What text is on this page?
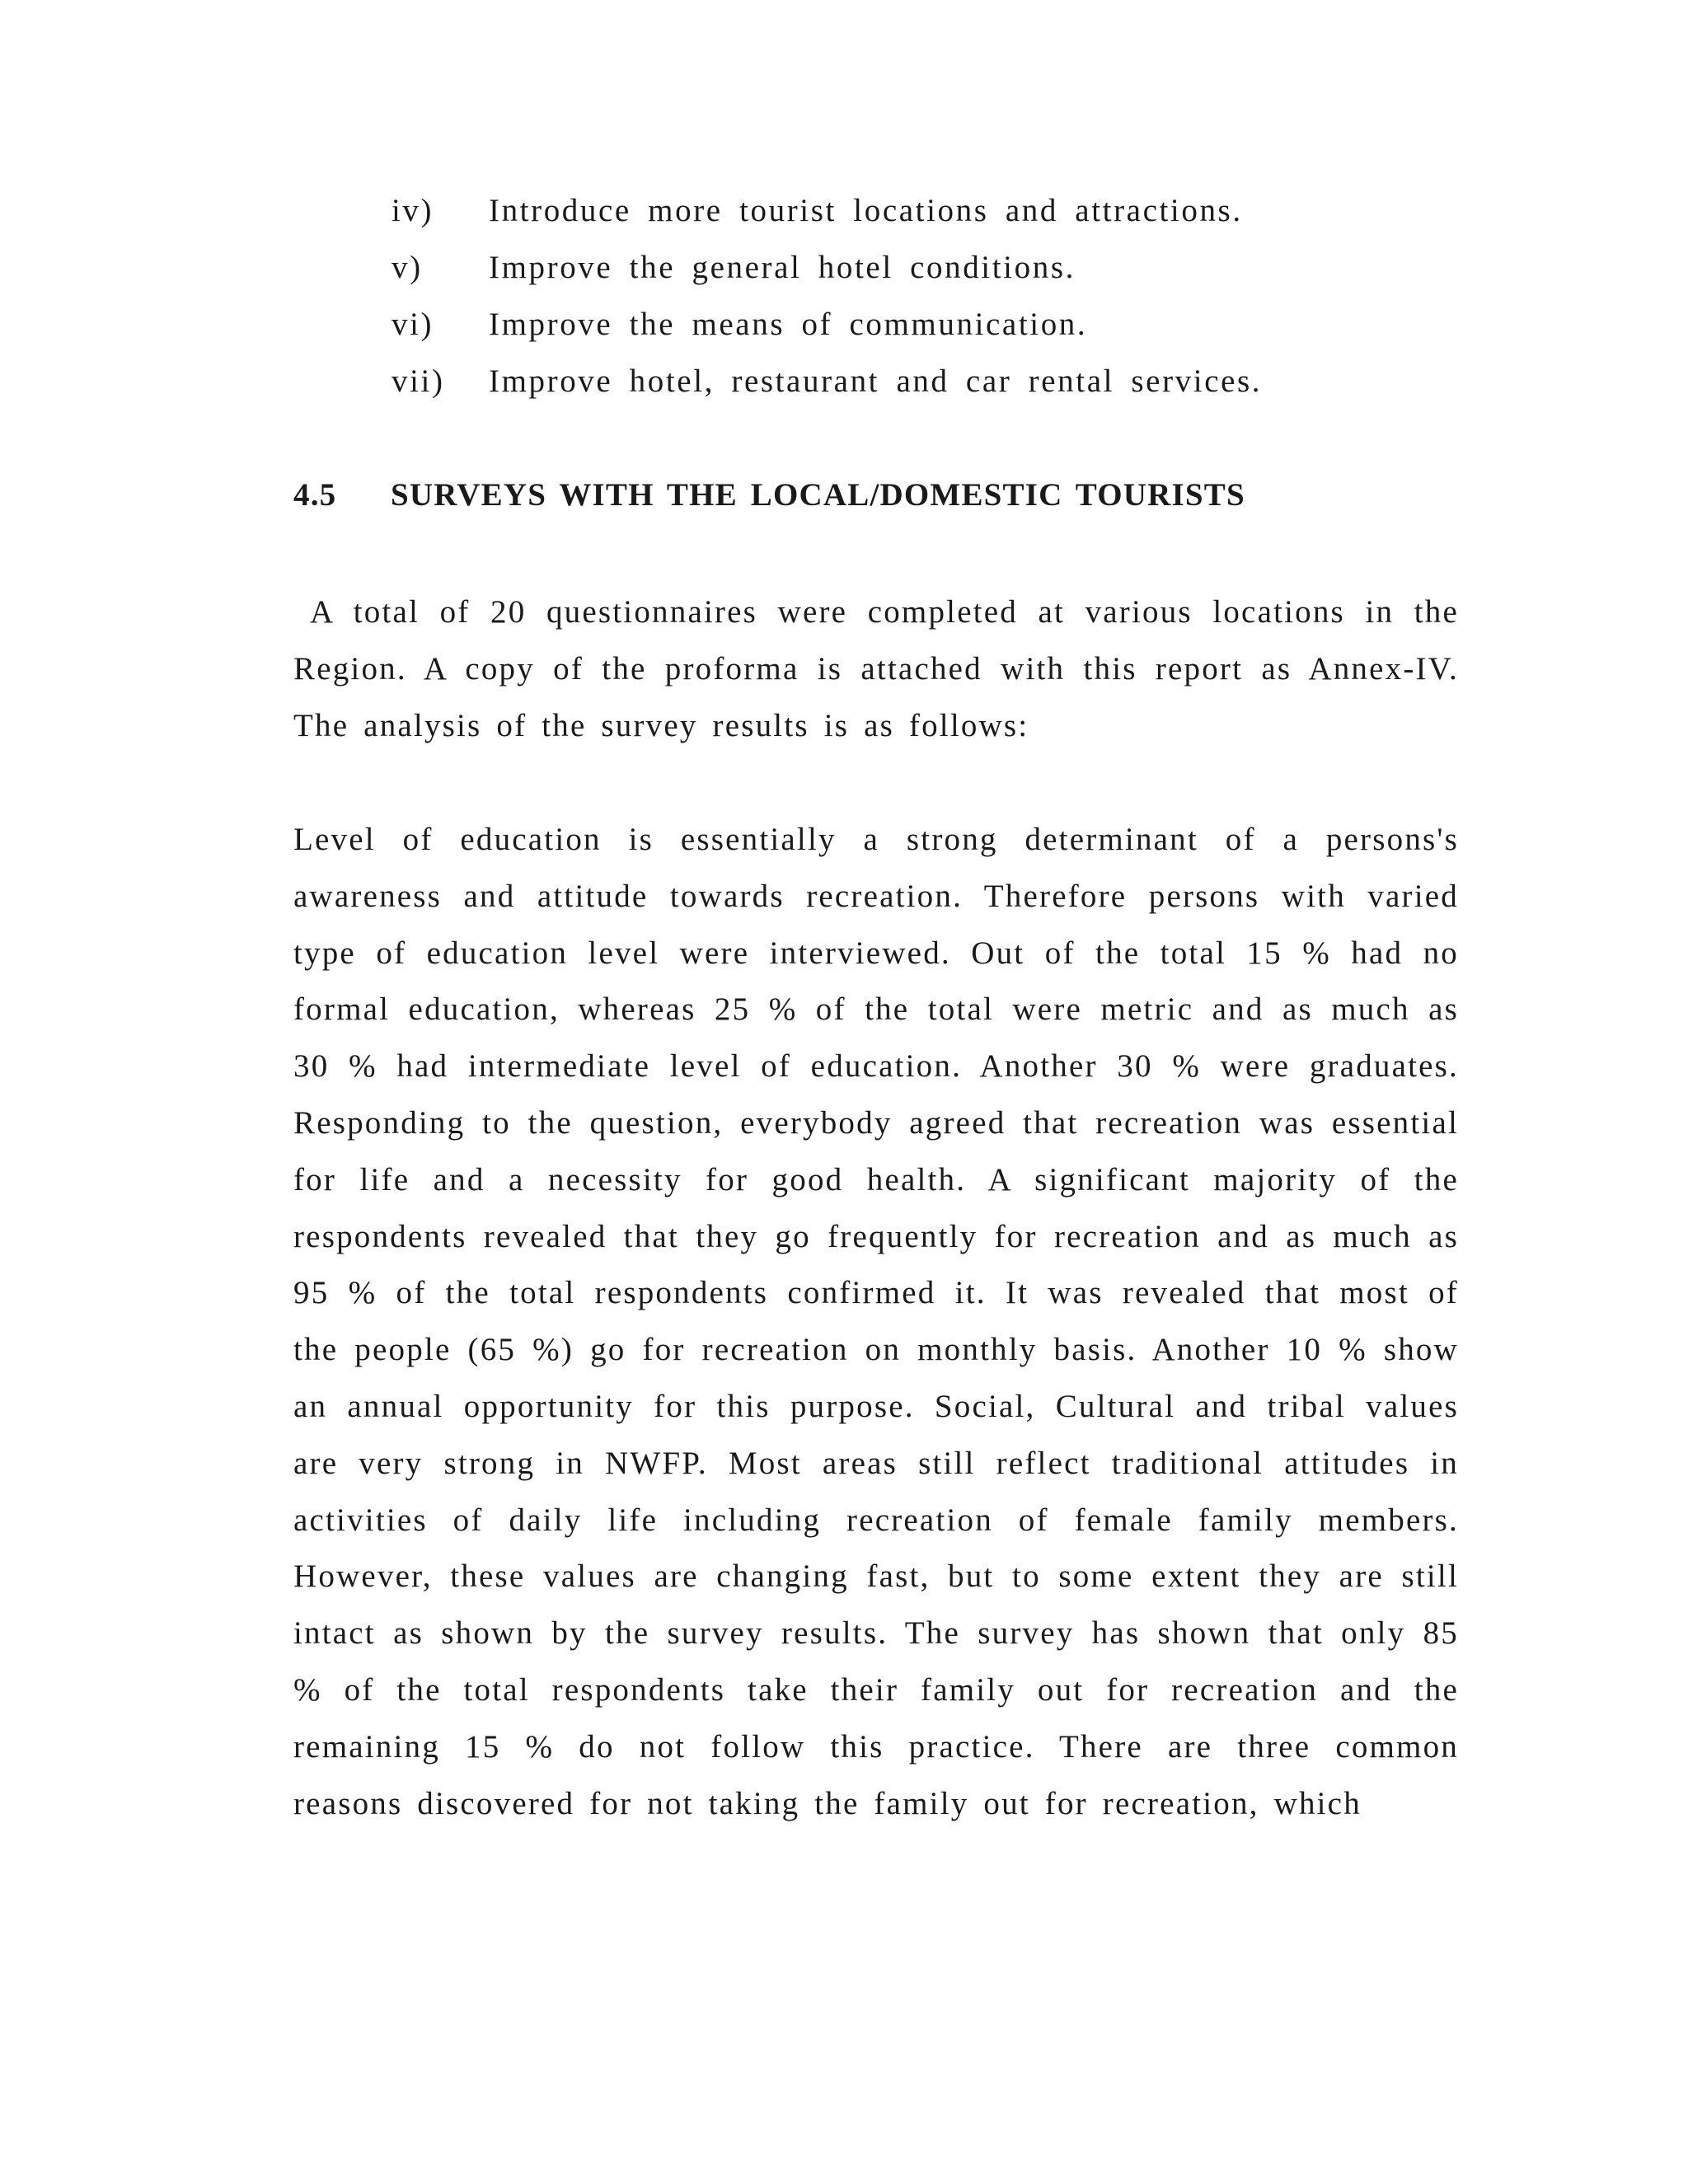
iv)	Introduce more tourist locations and attractions.
v)	Improve the general hotel conditions.
vi)	Improve the means of communication.
vii)	Improve hotel, restaurant and car rental services.
4.5 SURVEYS WITH THE LOCAL/DOMESTIC TOURISTS

A total of 20 questionnaires were completed at various locations in the Region. A copy of the proforma is attached with this report as Annex-IV. The analysis of the survey results is as follows:

Level of education is essentially a strong determinant of a persons's awareness and attitude towards recreation. Therefore persons with varied type of education level were interviewed. Out of the total 15 % had no formal education, whereas 25 % of the total were metric and as much as 30 % had intermediate level of education. Another 30 % were graduates. Responding to the question, everybody agreed that recreation was essential for life and a necessity for good health. A significant majority of the respondents revealed that they go frequently for recreation and as much as 95 % of the total respondents confirmed it. It was revealed that most of the people (65 %) go for recreation on monthly basis. Another 10 % show an annual opportunity for this purpose. Social, Cultural and tribal values are very strong in NWFP. Most areas still reflect traditional attitudes in activities of daily life including recreation of female family members. However, these values are changing fast, but to some extent they are still intact as shown by the survey results. The survey has shown that only 85 % of the total respondents take their family out for recreation and the remaining 15 % do not follow this practice. There are three common reasons discovered for not taking the family out for recreation, which
